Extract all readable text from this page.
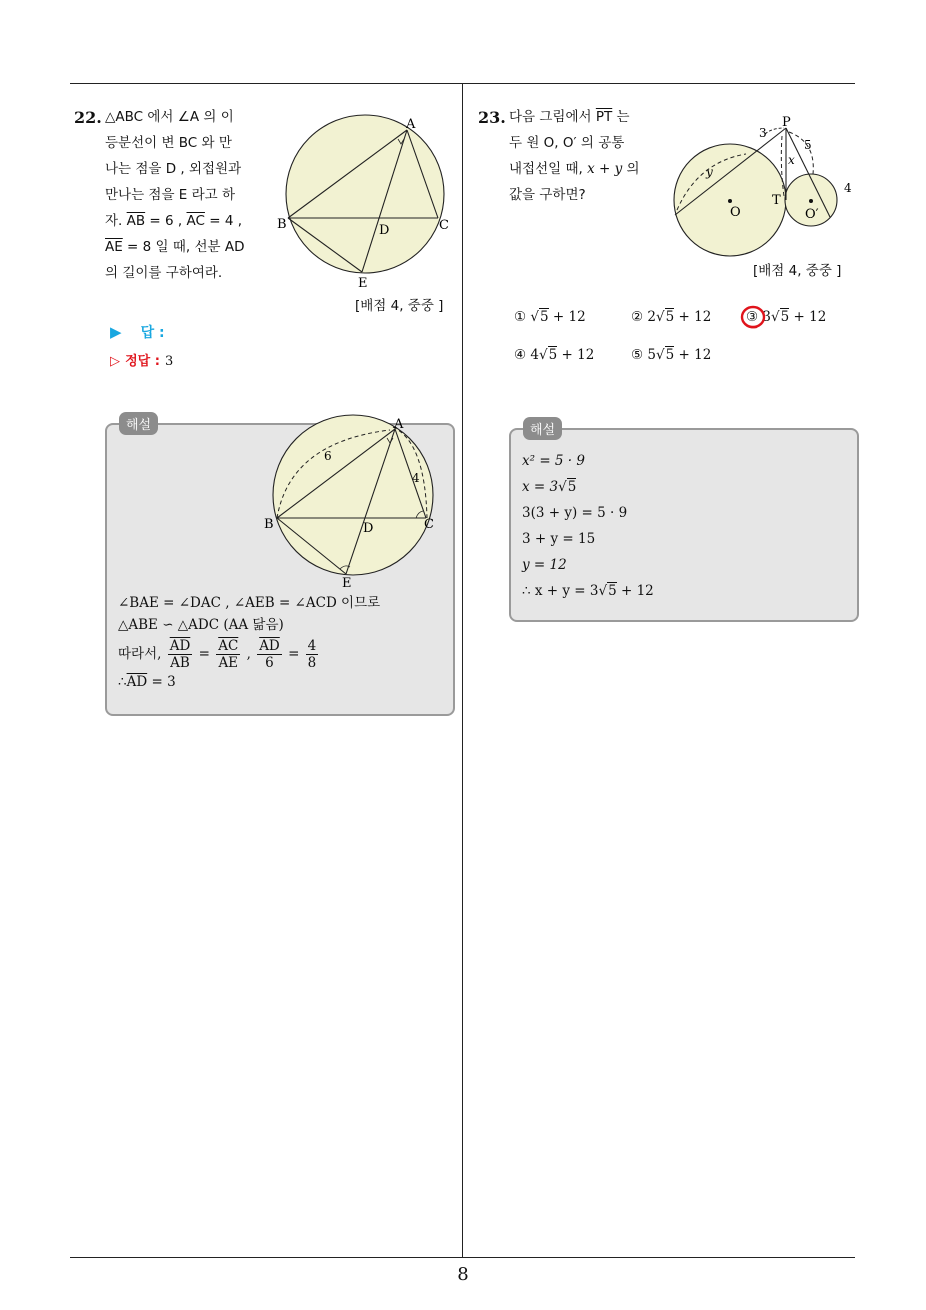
8
22. △ABC 에서 ∠A 의 이
등분선이 변 BC 와 만
나는 점을 D , 외접원과
만나는 점을 E 라고 하
자. $\overline{AB} = 6$ , $\overline{AC} = 4$ ,
$\overline{AE} = 8$ 일 때, 선분 AD
의 길이를 구하여라.
A
B	C
D
E
[배점 4, 중중 ]
▶ 답 :
▷ 정답 : 3
해설	A
B	C
D
E
6
4
∠BAE = ∠DAC , ∠AEB = ∠ACD 이므로
△ABE ∽ △ADC (AA 닮음)
따라서, $\frac{\overline{AD}}{AB} = \frac{\overline{AC}}{AE}$ , $\frac{\overline{AD}}{6} = \frac{4}{8}$
$\therefore\overline{AD} = 3$
23. 다음 그림에서 $\overline{PT}$ 는
두 원 O, O′ 의 공통
내접선일 때, x + y 의
값을 구하면?
P
T
O	O′
3
5
4
x
y
[배점 4, 중중 ]
① √5 + 12	② 2√5 + 12	③ 3√5 + 12
④ 4√5 + 12	⑤ 5√5 + 12
해설
x² = 5 · 9
x = 3√5
3(3 + y) = 5 · 9
3 + y = 15
y = 12
∴ x + y = 3√5 + 12
